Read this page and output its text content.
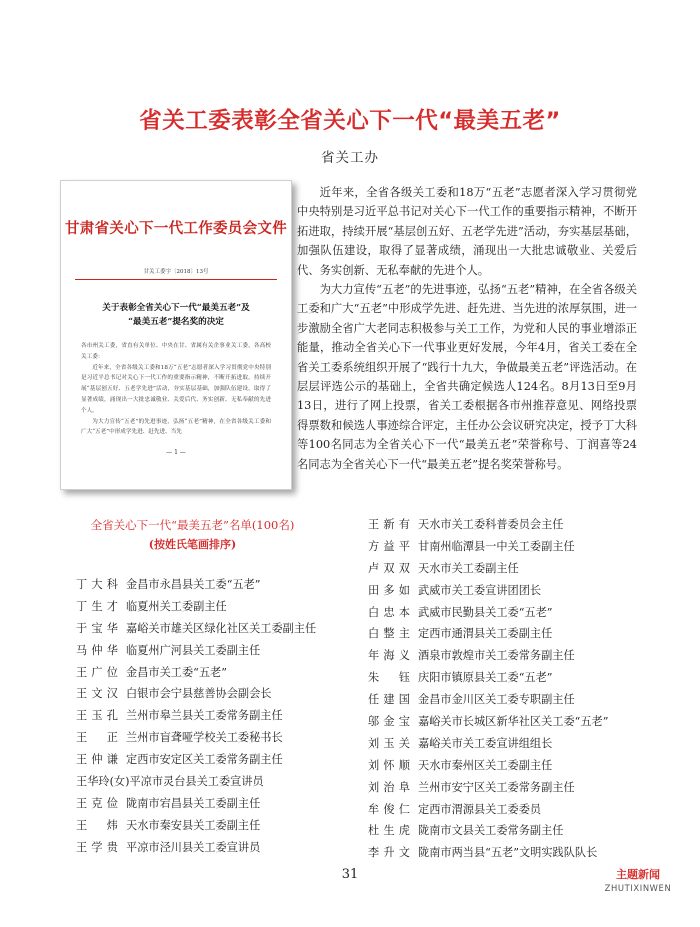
省关工委表彰全省关心下一代“最美五老”
省关工办
甘肃省关心下一代工作委员会文件
甘关工委字〔2018〕13号
关于表彰全省关心下一代“最美五老”及
“最美五老”提名奖的决定

各市州关工委，省直有关单位、中央在甘、省属有关企事业关工委，各高校关工委：

近年来，全省各级关工委和18万“五老”志愿者深入学习贯彻党中央特别是习近平总书记对关心下一代工作的重要指示精神，不断开拓进取，持续开展“基层创五好、五老学先进”活动，夯实基层基础，加强队伍建设，取得了显著成绩，涌现出一大批忠诚敬业、关爱后代、务实创新、无私奉献的先进个人。

为大力宣传“五老”的先进事迹，弘扬“五老”精神，在全省各级关工委和广大“五老”中形成学先进、赶先进、当先

— 1 —

近年来，全省各级关工委和18万“五老”志愿者深入学习贯彻党中央特别是习近平总书记对关心下一代工作的重要指示精神，不断开拓进取，持续开展“基层创五好、五老学先进”活动，夯实基层基础，加强队伍建设，取得了显著成绩，涌现出一大批忠诚敬业、关爱后代、务实创新、无私奉献的先进个人。

为大力宣传“五老”的先进事迹，弘扬“五老”精神，在全省各级关工委和广大“五老”中形成学先进、赶先进、当先进的浓厚氛围，进一步激励全省广大老同志积极参与关工工作，为党和人民的事业增添正能量，推动全省关心下一代事业更好发展，今年4月，省关工委在全省关工委系统组织开展了“践行十九大，争做最美五老”评选活动。在层层评选公示的基础上，全省共确定候选人124名。8月13日至9月13日，进行了网上投票，省关工委根据各市州推荐意见、网络投票得票数和候选人事迹综合评定，主任办公会议研究决定，授予丁大科等100名同志为全省关心下一代“最美五老”荣誉称号、丁润喜等24名同志为全省关心下一代“最美五老”提名奖荣誉称号。

全省关心下一代“最美五老”名单(100名)
(按姓氏笔画排序)
丁大科 金昌市永昌县关工委“五老”
丁生才 临夏州关工委副主任
于宝华 嘉峪关市雄关区绿化社区关工委副主任
马仲华 临夏州广河县关工委副主任
王广位 金昌市关工委“五老”
王文汉 白银市会宁县慈善协会副会长
王玉孔 兰州市皋兰县关工委常务副主任
王　正 兰州市盲聋哑学校关工委秘书长
王仲谦 定西市安定区关工委常务副主任
王华玲(女) 平凉市灵台县关工委宣讲员
王克俭 陇南市宕昌县关工委副主任
王　炜 天水市秦安县关工委副主任
王学贵 平凉市泾川县关工委宣讲员
王新有 天水市关工委科普委员会主任
方益平 甘南州临潭县一中关工委副主任
卢双双 天水市关工委副主任
田多如 武威市关工委宣讲团团长
白忠本 武威市民勤县关工委“五老”
白整主 定西市通渭县关工委副主任
年海义 酒泉市敦煌市关工委常务副主任
朱　钰 庆阳市镇原县关工委“五老”
任建国 金昌市金川区关工委专职副主任
邬金宝 嘉峪关市长城区新华社区关工委“五老”
刘玉关 嘉峪关市关工委宣讲组组长
刘怀顺 天水市秦州区关工委副主任
刘治阜 兰州市安宁区关工委常务副主任
牟俊仁 定西市渭源县关工委委员
杜生虎 陇南市文县关工委常务副主任
李升文 陇南市两当县“五老”文明实践队队长
31	主题新闻
ZHUTIXINWEN
